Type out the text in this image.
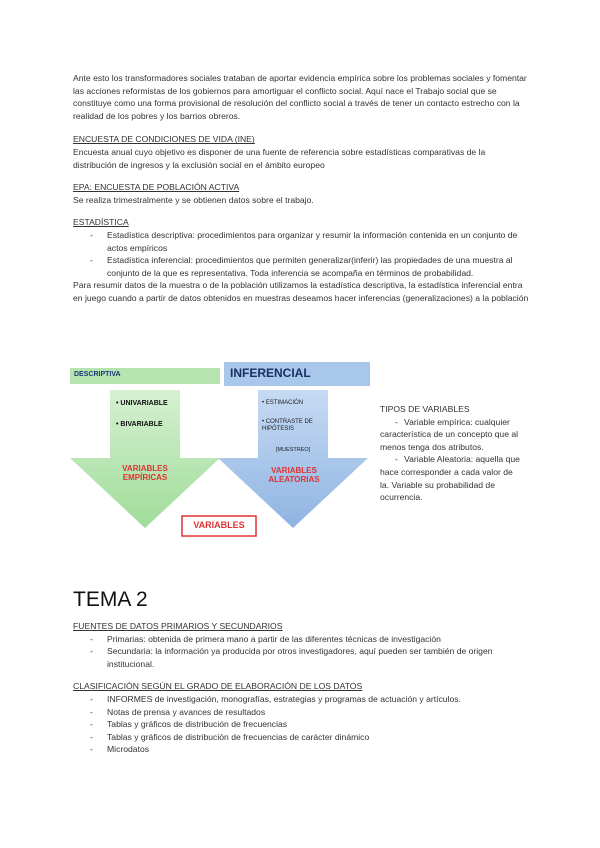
Ante esto los transformadores sociales trataban de aportar evidencia empírica sobre los problemas sociales y fomentar las acciones reformistas de los gobiernos para amortiguar el conflicto social. Aquí nace el Trabajo social que se constituye como una forma provisional de resolución del conflicto social a través de tener un contacto estrecho con la realidad de los pobres y los barrios obreros.

ENCUESTA DE CONDICIONES DE VIDA (INE)

Encuesta anual cuyo objetivo es disponer de una fuente de referencia sobre estadísticas comparativas de la distribución de ingresos y la exclusión social en el ámbito europeo

EPA: ENCUESTA DE POBLACIÓN ACTIVA

Se realiza trimestralmente y se obtienen datos sobre el trabajo.

ESTADÍSTICA

- Estadística descriptiva: procedimientos para organizar y resumir la información contenida en un conjunto de actos empíricos
- Estadística inferencial: procedimientos que permiten generalizar(inferir) las propiedades de una muestra al conjunto de la que es representativa. Toda inferencia se acompaña en términos de probabilidad.

Para resumir datos de la muestra o de la población utilizamos la estadística descriptiva, la estadística inferencial entra en juego cuando a partir de datos obtenidos en muestras deseamos hacer inferencias (generalizaciones) a la población

DESCRIPTIVA	INFERENCIAL
• UNIVARIABLE
• BIVARIABLE
• ESTIMACIÓN
• CONTRASTE DE HIPÓTESIS
[MUESTREO]
VARIABLES EMPÍRICAS
VARIABLES ALEATORIAS
VARIABLES

TIPOS DE VARIABLES

- Variable empírica: cualquier característica de un concepto que al menos tenga dos atributos.

- Variable Aleatoria: aquella que hace corresponder a cada valor de la. Variable su probabilidad de ocurrencia.

TEMA 2

FUENTES DE DATOS PRIMARIOS Y SECUNDARIOS

- Primarias: obtenida de primera mano a partir de las diferentes técnicas de investigación
- Secundaria: la información ya producida por otros investigadores, aquí pueden ser también de origen institucional.

CLASIFICACIÓN SEGÚN EL GRADO DE ELABORACIÓN DE LOS DATOS

- INFORMES de investigación, monografías, estrategias y programas de actuación y artículos.
- Notas de prensa y avances de resultados
- Tablas y gráficos de distribución de frecuencias
- Tablas y gráficos de distribución de frecuencias de carácter dinámico
- Microdatos
